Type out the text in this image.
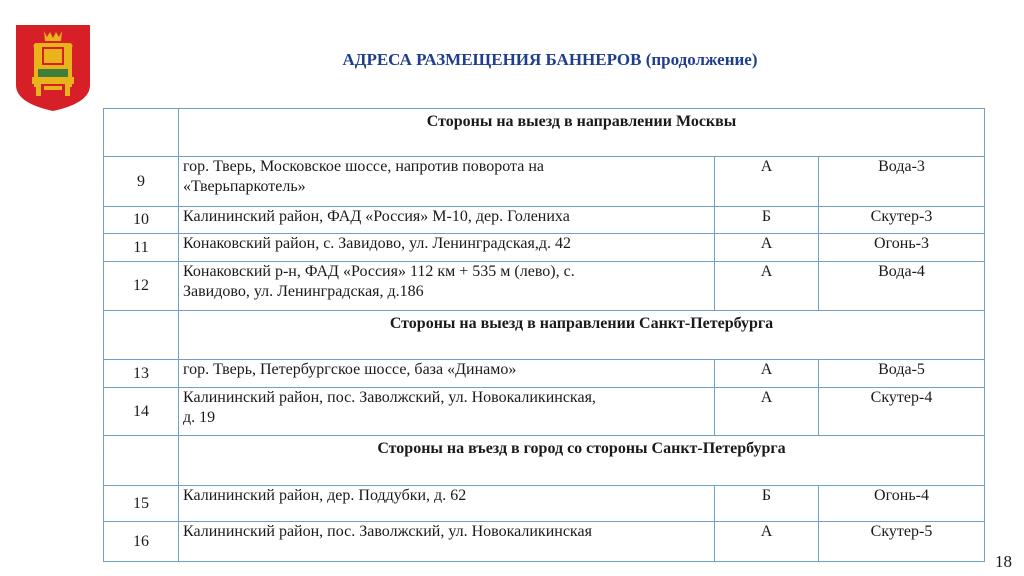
АДРЕСА РАЗМЕЩЕНИЯ БАННЕРОВ (продолжение)
	Стороны на выезд в направлении Москвы		
9	гор. Тверь, Московское шоссе, напротив поворота на
«Тверьпаркотель»	А	Вода-3
10	Калининский район, ФАД «Россия» М-10, дер. Голениха	Б	Скутер-3
11	Конаковский район, с. Завидово, ул. Ленинградская,д. 42	А	Огонь-3
12	Конаковский р-н, ФАД «Россия» 112 км + 535 м (лево), с.
Завидово, ул. Ленинградская, д.186	А	Вода-4
	Стороны на выезд в направлении Санкт-Петербурга		
13	гор. Тверь, Петербургское шоссе, база «Динамо»	А	Вода-5
14	Калининский район, пос. Заволжский, ул. Новокаликинская,
д. 19	А	Скутер-4
	Стороны на въезд в город со стороны Санкт-Петербурга		
15	Калининский район, дер. Поддубки, д. 62	Б	Огонь-4
16	Калининский район, пос. Заволжский, ул. Новокаликинская	А	Скутер-5
18
